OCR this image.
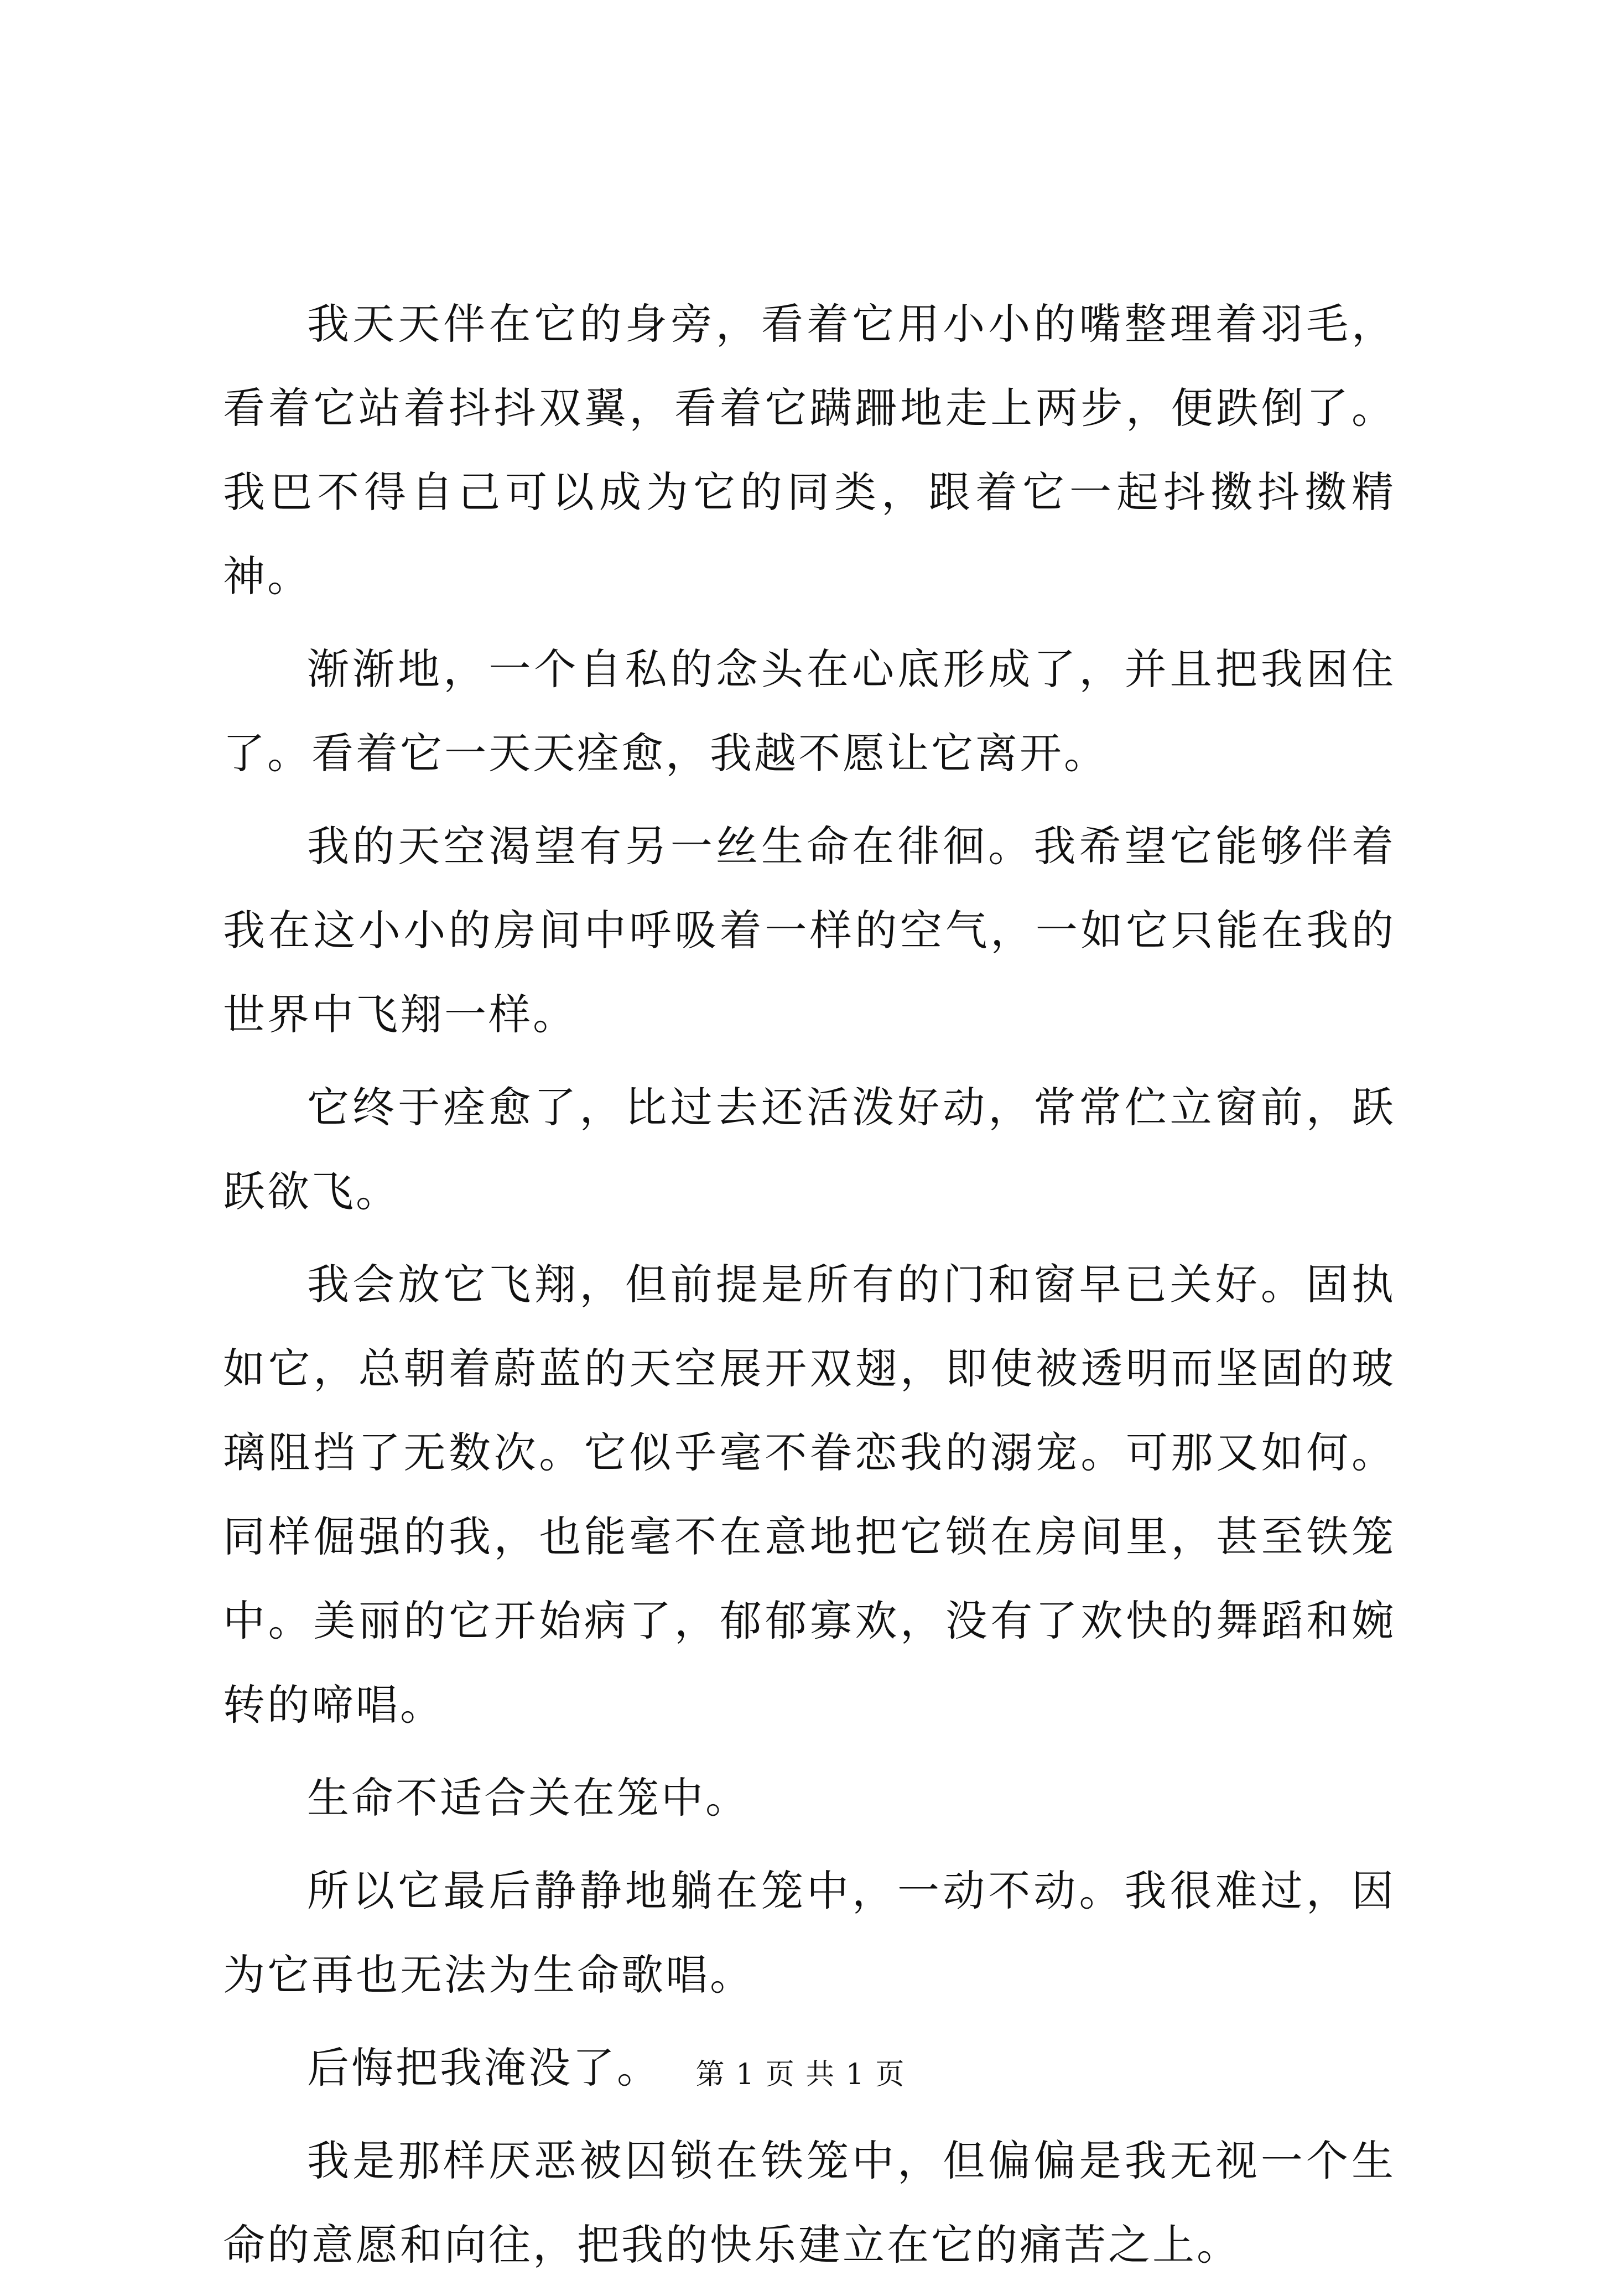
我天天伴在它的身旁，看着它用小小的嘴整理着羽毛，看着它站着抖抖双翼，看着它蹒跚地走上两步，便跌倒了。我巴不得自己可以成为它的同类，跟着它一起抖擞抖擞精神。

渐渐地，一个自私的念头在心底形成了，并且把我困住了。看着它一天天痊愈，我越不愿让它离开。

我的天空渴望有另一丝生命在徘徊。我希望它能够伴着我在这小小的房间中呼吸着一样的空气，一如它只能在我的世界中飞翔一样。

它终于痊愈了，比过去还活泼好动，常常伫立窗前，跃跃欲飞。

我会放它飞翔，但前提是所有的门和窗早已关好。固执如它，总朝着蔚蓝的天空展开双翅，即使被透明而坚固的玻璃阻挡了无数次。它似乎毫不眷恋我的溺宠。可那又如何。同样倔强的我，也能毫不在意地把它锁在房间里，甚至铁笼中。美丽的它开始病了，郁郁寡欢，没有了欢快的舞蹈和婉转的啼唱。

生命不适合关在笼中。

所以它最后静静地躺在笼中，一动不动。我很难过，因为它再也无法为生命歌唱。

后悔把我淹没了。

我是那样厌恶被囚锁在铁笼中，但偏偏是我无视一个生命的意愿和向往，把我的快乐建立在它的痛苦之上。

第 1 页 共 1 页
